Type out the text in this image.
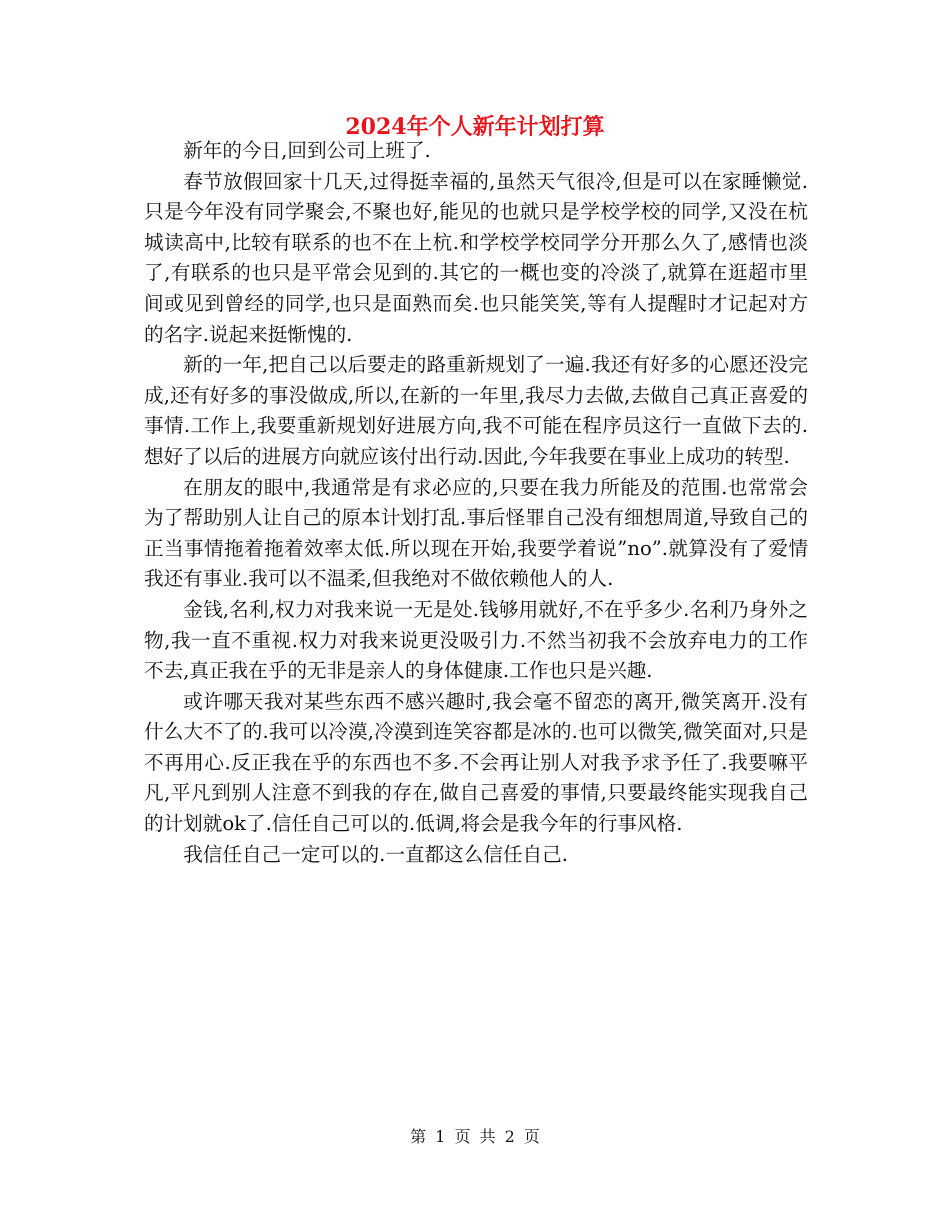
2024年个人新年计划打算

新年的今日,回到公司上班了.

春节放假回家十几天,过得挺幸福的,虽然天气很冷,但是可以在家睡懒觉.只是今年没有同学聚会,不聚也好,能见的也就只是学校学校的同学,又没在杭城读高中,比较有联系的也不在上杭.和学校学校同学分开那么久了,感情也淡了,有联系的也只是平常会见到的.其它的一概也变的冷淡了,就算在逛超市里间或见到曾经的同学,也只是面熟而矣.也只能笑笑,等有人提醒时才记起对方的名字.说起来挺惭愧的.

新的一年,把自己以后要走的路重新规划了一遍.我还有好多的心愿还没完成,还有好多的事没做成,所以,在新的一年里,我尽力去做,去做自己真正喜爱的事情.工作上,我要重新规划好进展方向,我不可能在程序员这行一直做下去的.想好了以后的进展方向就应该付出行动.因此,今年我要在事业上成功的转型.

在朋友的眼中,我通常是有求必应的,只要在我力所能及的范围.也常常会为了帮助别人让自己的原本计划打乱.事后怪罪自己没有细想周道,导致自己的正当事情拖着拖着效率太低.所以现在开始,我要学着说”no”.就算没有了爱情我还有事业.我可以不温柔,但我绝对不做依赖他人的人.

金钱,名利,权力对我来说一无是处.钱够用就好,不在乎多少.名利乃身外之物,我一直不重视.权力对我来说更没吸引力.不然当初我不会放弃电力的工作不去,真正我在乎的无非是亲人的身体健康.工作也只是兴趣.

或许哪天我对某些东西不感兴趣时,我会毫不留恋的离开,微笑离开.没有什么大不了的.我可以冷漠,冷漠到连笑容都是冰的.也可以微笑,微笑面对,只是不再用心.反正我在乎的东西也不多.不会再让别人对我予求予任了.我要嘛平凡,平凡到别人注意不到我的存在,做自己喜爱的事情,只要最终能实现我自己的计划就ok了.信任自己可以的.低调,将会是我今年的行事风格.

我信任自己一定可以的.一直都这么信任自己.

第 1 页 共 2 页
